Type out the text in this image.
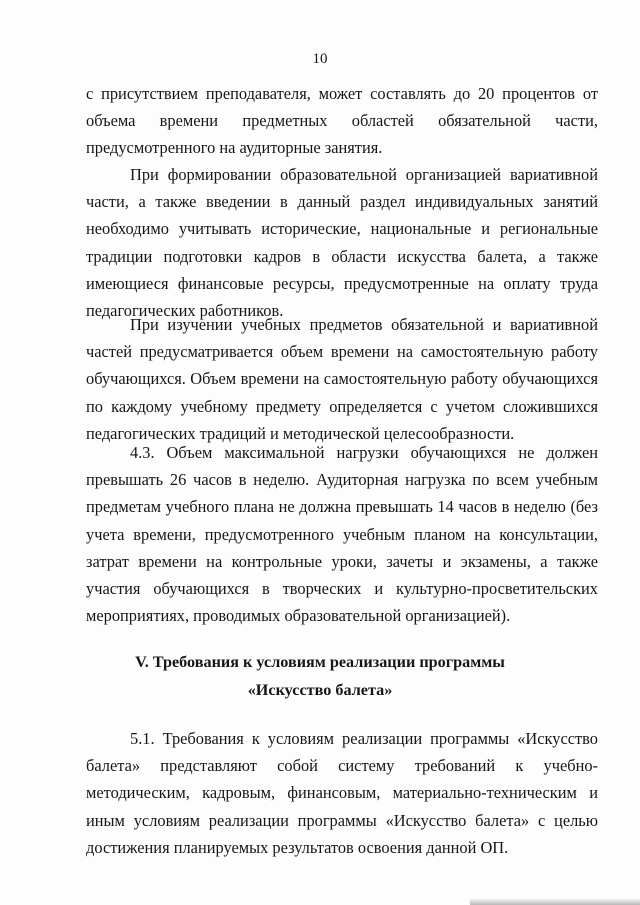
10

с присутствием преподавателя, может составлять до 20 процентов от объема времени предметных областей обязательной части, предусмотренного на аудиторные занятия.

При формировании образовательной организацией вариативной части, а также введении в данный раздел индивидуальных занятий необходимо учитывать исторические, национальные и региональные традиции подготовки кадров в области искусства балета, а также имеющиеся финансовые ресурсы, предусмотренные на оплату труда педагогических работников.

При изучении учебных предметов обязательной и вариативной частей предусматривается объем времени на самостоятельную работу обучающихся. Объем времени на самостоятельную работу обучающихся по каждому учебному предмету определяется с учетом сложившихся педагогических традиций и методической целесообразности.

4.3. Объем максимальной нагрузки обучающихся не должен превышать 26 часов в неделю. Аудиторная нагрузка по всем учебным предметам учебного плана не должна превышать 14 часов в неделю (без учета времени, предусмотренного учебным планом на консультации, затрат времени на контрольные уроки, зачеты и экзамены, а также участия обучающихся в творческих и культурно-просветительских мероприятиях, проводимых образовательной организацией).

V. Требования к условиям реализации программы
«Искусство балета»

5.1. Требования к условиям реализации программы «Искусство балета» представляют собой систему требований к учебно-методическим, кадровым, финансовым, материально-техническим и иным условиям реализации программы «Искусство балета» с целью достижения планируемых результатов освоения данной ОП.
